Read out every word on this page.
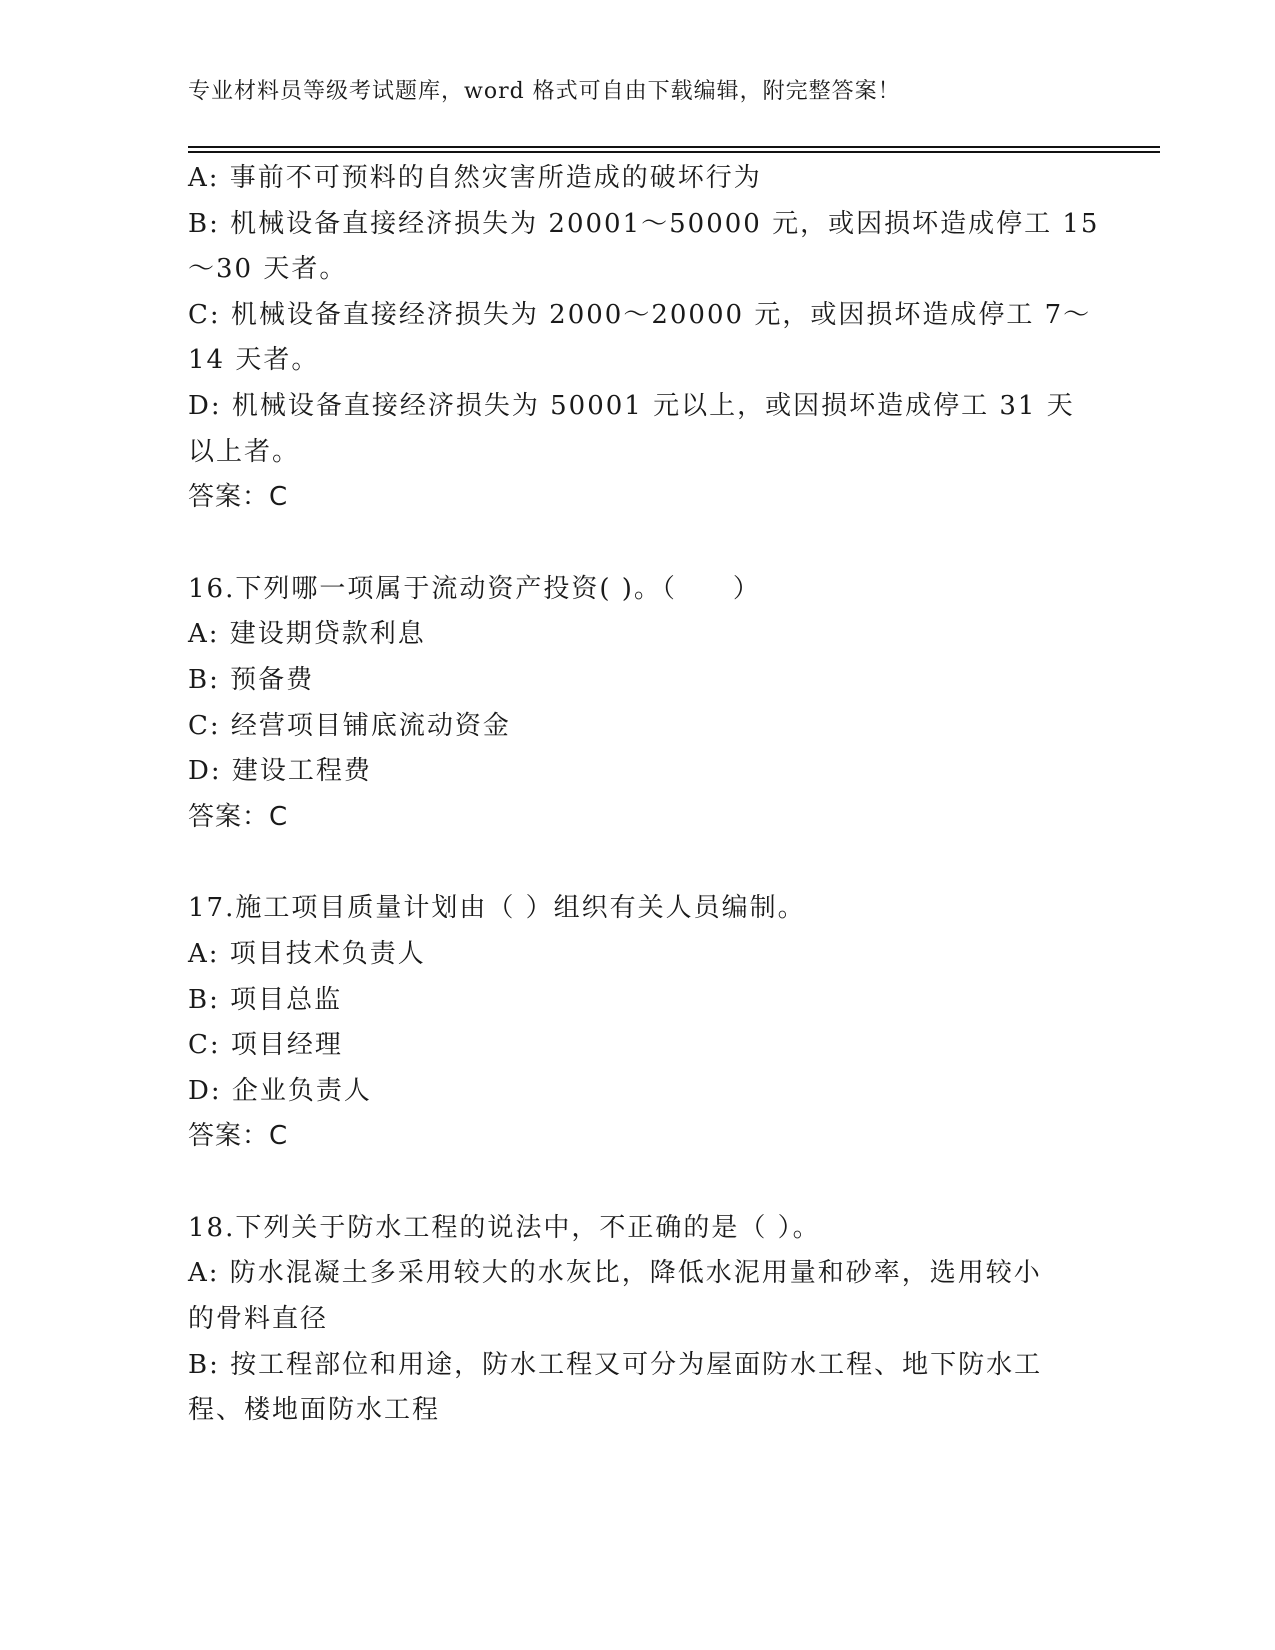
专业材料员等级考试题库，word 格式可自由下载编辑，附完整答案！
A: 事前不可预料的自然灾害所造成的破坏行为
B: 机械设备直接经济损失为 20001～50000 元，或因损坏造成停工 15
～30 天者。
C: 机械设备直接经济损失为 2000～20000 元，或因损坏造成停工 7～
14 天者。
D: 机械设备直接经济损失为 50001 元以上，或因损坏造成停工 31 天
以上者。
答案：C
16.下列哪一项属于流动资产投资( )。（　　）
A: 建设期贷款利息
B: 预备费
C: 经营项目铺底流动资金
D: 建设工程费
答案：C
17.施工项目质量计划由（ ）组织有关人员编制。
A: 项目技术负责人
B: 项目总监
C: 项目经理
D: 企业负责人
答案：C
18.下列关于防水工程的说法中，不正确的是（ ）。
A: 防水混凝土多采用较大的水灰比，降低水泥用量和砂率，选用较小
的骨料直径
B: 按工程部位和用途，防水工程又可分为屋面防水工程、地下防水工
程、楼地面防水工程
